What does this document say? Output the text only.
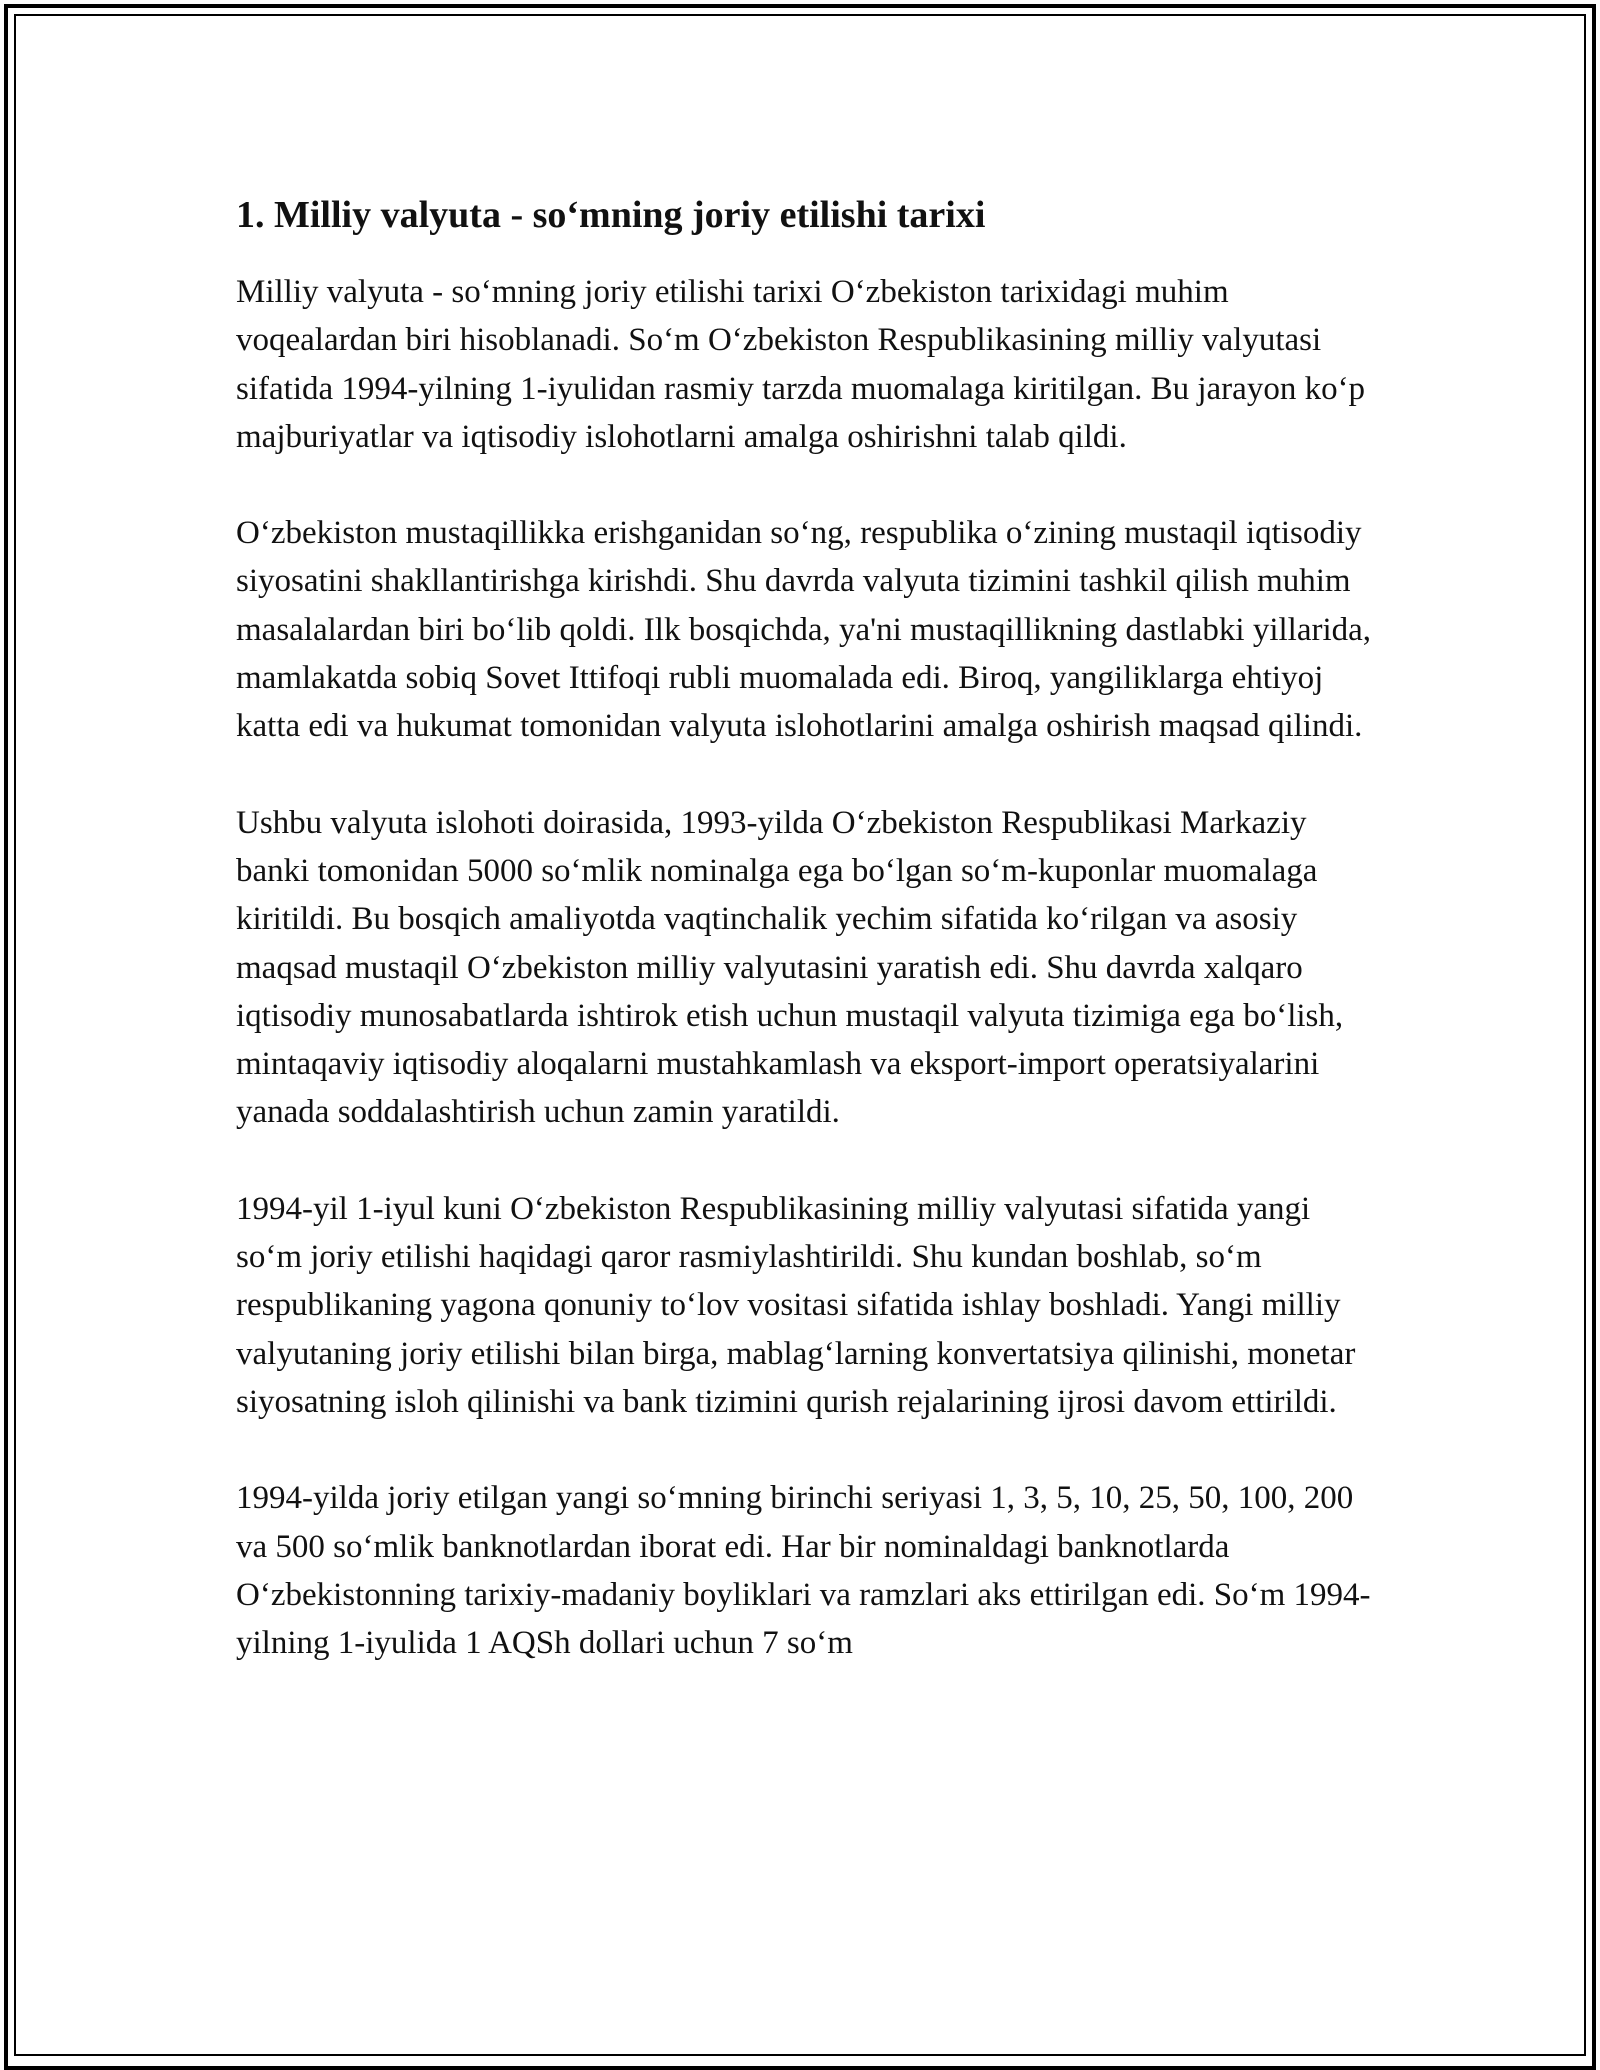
1. Milliy valyuta - so‘mning joriy etilishi tarixi

Milliy valyuta - so‘mning joriy etilishi tarixi O‘zbekiston tarixidagi muhim voqealardan biri hisoblanadi. So‘m O‘zbekiston Respublikasining milliy valyutasi sifatida 1994-yilning 1-iyulidan rasmiy tarzda muomalaga kiritilgan. Bu jarayon ko‘p majburiyatlar va iqtisodiy islohotlarni amalga oshirishni talab qildi.

O‘zbekiston mustaqillikka erishganidan so‘ng, respublika o‘zining mustaqil iqtisodiy siyosatini shakllantirishga kirishdi. Shu davrda valyuta tizimini tashkil qilish muhim masalalardan biri bo‘lib qoldi. Ilk bosqichda, ya'ni mustaqillikning dastlabki yillarida, mamlakatda sobiq Sovet Ittifoqi rubli muomalada edi. Biroq, yangiliklarga ehtiyoj katta edi va hukumat tomonidan valyuta islohotlarini amalga oshirish maqsad qilindi.

Ushbu valyuta islohoti doirasida, 1993-yilda O‘zbekiston Respublikasi Markaziy banki tomonidan 5000 so‘mlik nominalga ega bo‘lgan so‘m-kuponlar muomalaga kiritildi. Bu bosqich amaliyotda vaqtinchalik yechim sifatida ko‘rilgan va asosiy maqsad mustaqil O‘zbekiston milliy valyutasini yaratish edi. Shu davrda xalqaro iqtisodiy munosabatlarda ishtirok etish uchun mustaqil valyuta tizimiga ega bo‘lish, mintaqaviy iqtisodiy aloqalarni mustahkamlash va eksport-import operatsiyalarini yanada soddalashtirish uchun zamin yaratildi.

1994-yil 1-iyul kuni O‘zbekiston Respublikasining milliy valyutasi sifatida yangi so‘m joriy etilishi haqidagi qaror rasmiylashtirildi. Shu kundan boshlab, so‘m respublikaning yagona qonuniy to‘lov vositasi sifatida ishlay boshladi. Yangi milliy valyutaning joriy etilishi bilan birga, mablag‘larning konvertatsiya qilinishi, monetar siyosatning isloh qilinishi va bank tizimini qurish rejalarining ijrosi davom ettirildi.

1994-yilda joriy etilgan yangi so‘mning birinchi seriyasi 1, 3, 5, 10, 25, 50, 100, 200 va 500 so‘mlik banknotlardan iborat edi. Har bir nominaldagi banknotlarda O‘zbekistonning tarixiy-madaniy boyliklari va ramzlari aks ettirilgan edi. So‘m 1994-yilning 1-iyulida 1 AQSh dollari uchun 7 so‘m
